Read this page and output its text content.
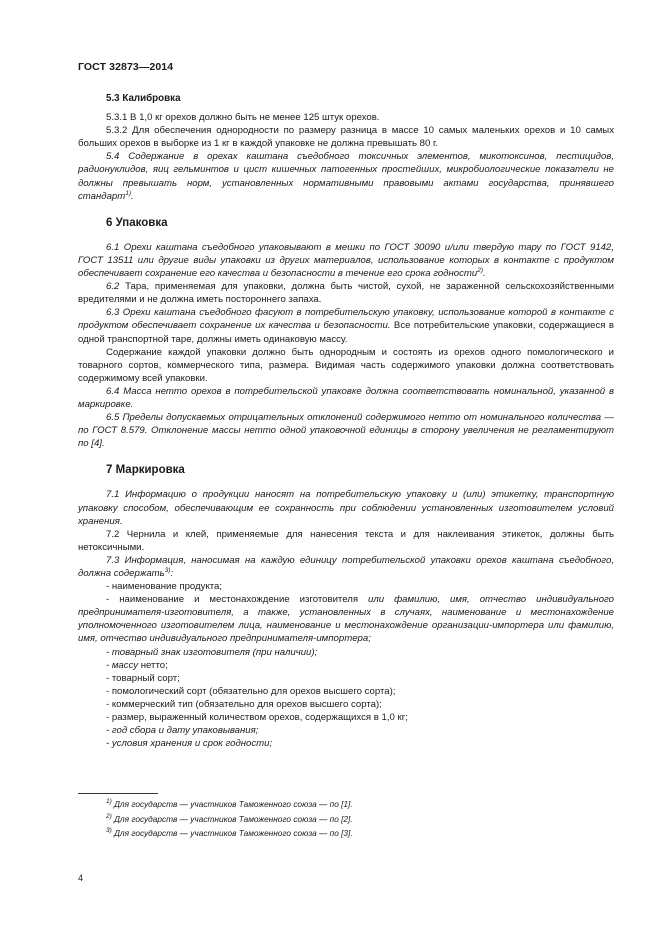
ГОСТ 32873—2014
5.3 Калибровка

5.3.1 В 1,0 кг орехов должно быть не менее 125 штук орехов.

5.3.2 Для обеспечения однородности по размеру разница в массе 10 самых маленьких орехов и 10 самых больших орехов в выборке из 1 кг в каждой упаковке не должна превышать 80 г.

5.4 Содержание в орехах каштана съедобного токсичных элементов, микотоксинов, пестицидов, радионуклидов, яиц гельминтов и цист кишечных патогенных простейших, микробиологические показатели не должны превышать норм, установленных нормативными правовыми актами государства, принявшего стандарт$^{1)}$.

6 Упаковка

6.1 Орехи каштана съедобного упаковывают в мешки по ГОСТ 30090 и/или твердую тару по ГОСТ 9142, ГОСТ 13511 или другие виды упаковки из других материалов, использование которых в контакте с продуктом обеспечивает сохранение его качества и безопасности в течение его срока годности$^{2)}$.

6.2 Тара, применяемая для упаковки, должна быть чистой, сухой, не зараженной сельскохозяйственными вредителями и не должна иметь постороннего запаха.

6.3 Орехи каштана съедобного фасуют в потребительскую упаковку, использование которой в контакте с продуктом обеспечивает сохранение их качества и безопасности. Все потребительские упаковки, содержащиеся в одной транспортной таре, должны иметь одинаковую массу.

Содержание каждой упаковки должно быть однородным и состоять из орехов одного помологического и товарного сортов, коммерческого типа, размера. Видимая часть содержимого упаковки должна соответствовать содержимому всей упаковки.

6.4 Масса нетто орехов в потребительской упаковке должна соответствовать номинальной, указанной в маркировке.

6.5 Пределы допускаемых отрицательных отклонений содержимого нетто от номинального количества — по ГОСТ 8.579. Отклонение массы нетто одной упаковочной единицы в сторону увеличения не регламентируют по [4].

7 Маркировка

7.1 Информацию о продукции наносят на потребительскую упаковку и (или) этикетку, транспортную упаковку способом, обеспечивающим ее сохранность при соблюдении установленных изготовителем условий хранения.

7.2 Чернила и клей, применяемые для нанесения текста и для наклеивания этикеток, должны быть нетоксичными.

7.3 Информация, наносимая на каждую единицу потребительской упаковки орехов каштана съедобного, должна содержать$^{3)}$:

- наименование продукта;

- наименование и местонахождение изготовителя или фамилию, имя, отчество индивидуального предпринимателя-изготовителя, а также, установленных в случаях, наименование и местонахождение уполномоченного изготовителем лица, наименование и местонахождение организации-импортера или фамилию, имя, отчество индивидуального предпринимателя-импортера;

- товарный знак изготовителя (при наличии);

- массу нетто;

- товарный сорт;

- помологический сорт (обязательно для орехов высшего сорта);

- коммерческий тип (обязательно для орехов высшего сорта);

- размер, выраженный количеством орехов, содержащихся в 1,0 кг;

- год сбора и дату упаковывания;

- условия хранения и срок годности;

$^{1)}$ Для государств — участников Таможенного союза — по [1].
$^{2)}$ Для государств — участников Таможенного союза — по [2].
$^{3)}$ Для государств — участников Таможенного союза — по [3].
4
